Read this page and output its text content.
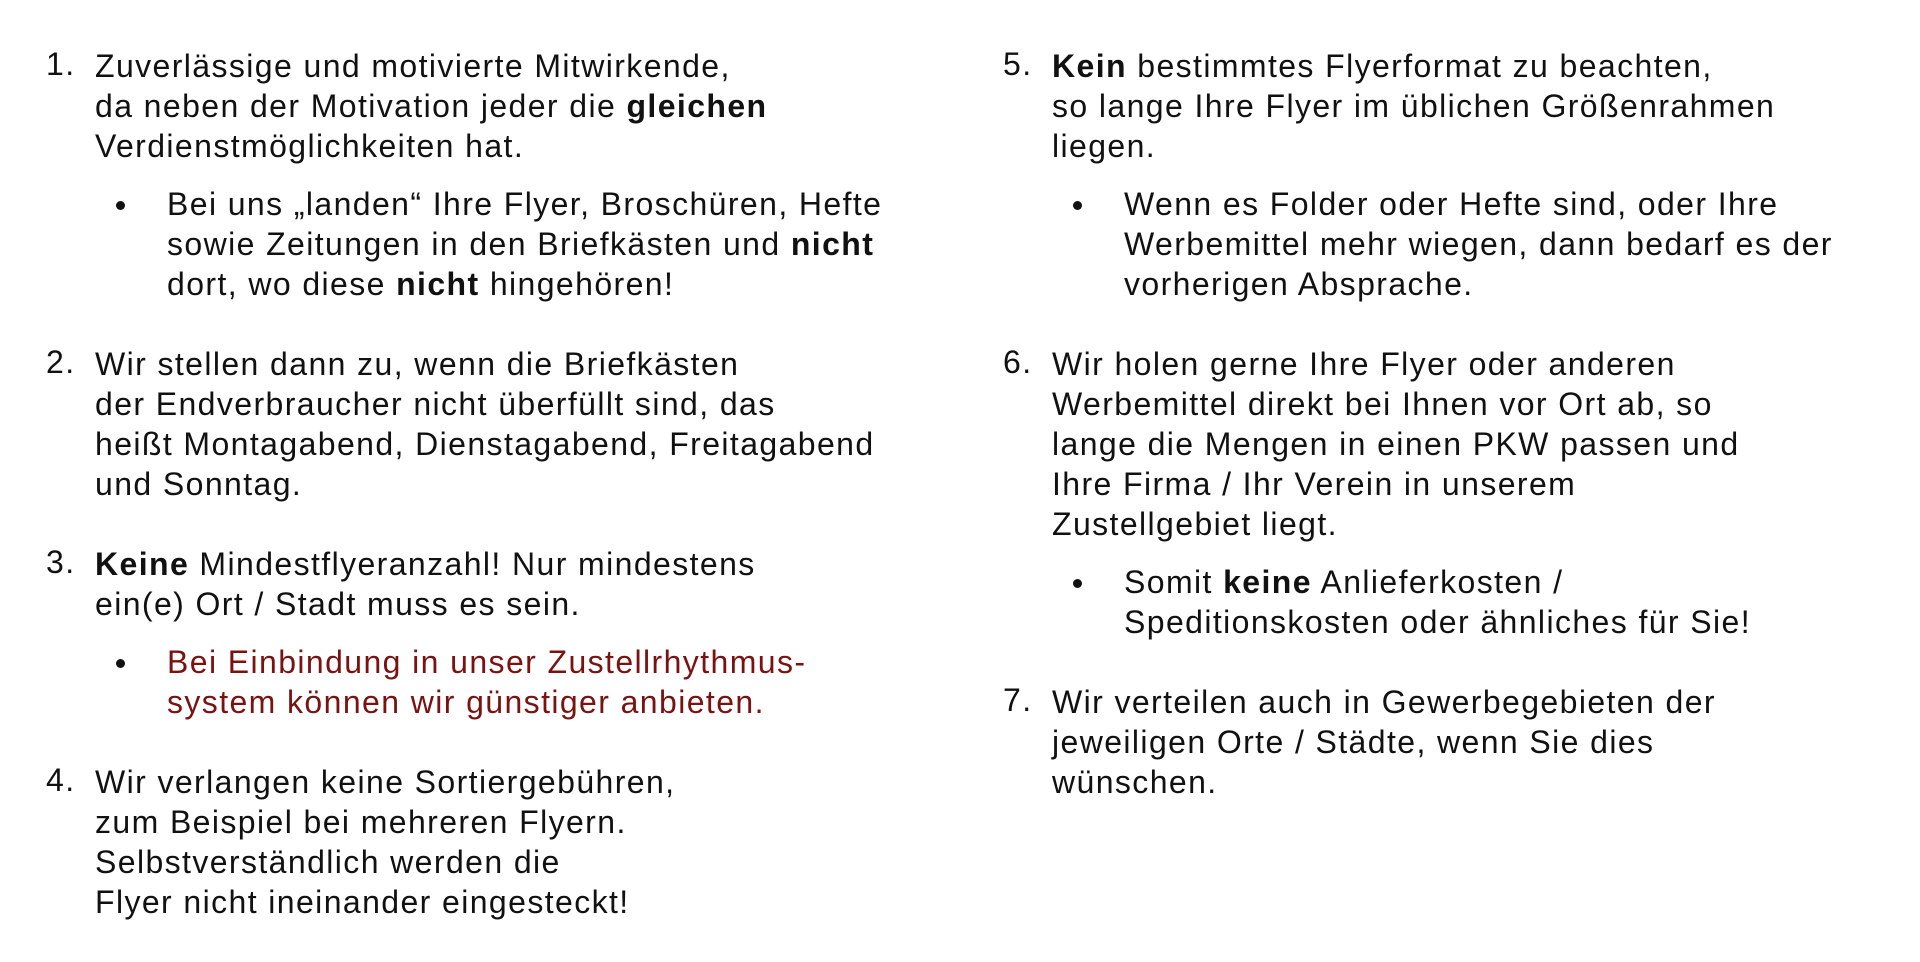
1. Zuverlässige und motivierte Mitwirkende,
da neben der Motivation jeder die gleichen
Verdienstmöglichkeiten hat.
Bei uns „landen“ Ihre Flyer, Broschüren, Hefte
sowie Zeitungen in den Briefkästen und nicht
dort, wo diese nicht hingehören!
2. Wir stellen dann zu, wenn die Briefkästen
der Endverbraucher nicht überfüllt sind, das
heißt Montagabend, Dienstagabend, Freitagabend
und Sonntag.
3. Keine Mindestflyeranzahl! Nur mindestens
ein(e) Ort / Stadt muss es sein.
Bei Einbindung in unser Zustellrhythmus-
system können wir günstiger anbieten.
4. Wir verlangen keine Sortiergebühren,
zum Beispiel bei mehreren Flyern.
Selbstverständlich werden die
Flyer nicht ineinander eingesteckt!
5. Kein bestimmtes Flyerformat zu beachten,
so lange Ihre Flyer im üblichen Größenrahmen
liegen.
Wenn es Folder oder Hefte sind, oder Ihre
Werbemittel mehr wiegen, dann bedarf es der
vorherigen Absprache.
6. Wir holen gerne Ihre Flyer oder anderen
Werbemittel direkt bei Ihnen vor Ort ab, so
lange die Mengen in einen PKW passen und
Ihre Firma / Ihr Verein in unserem
Zustellgebiet liegt.
Somit keine Anlieferkosten /
Speditionskosten oder ähnliches für Sie!
7. Wir verteilen auch in Gewerbegebieten der
jeweiligen Orte / Städte, wenn Sie dies
wünschen.
